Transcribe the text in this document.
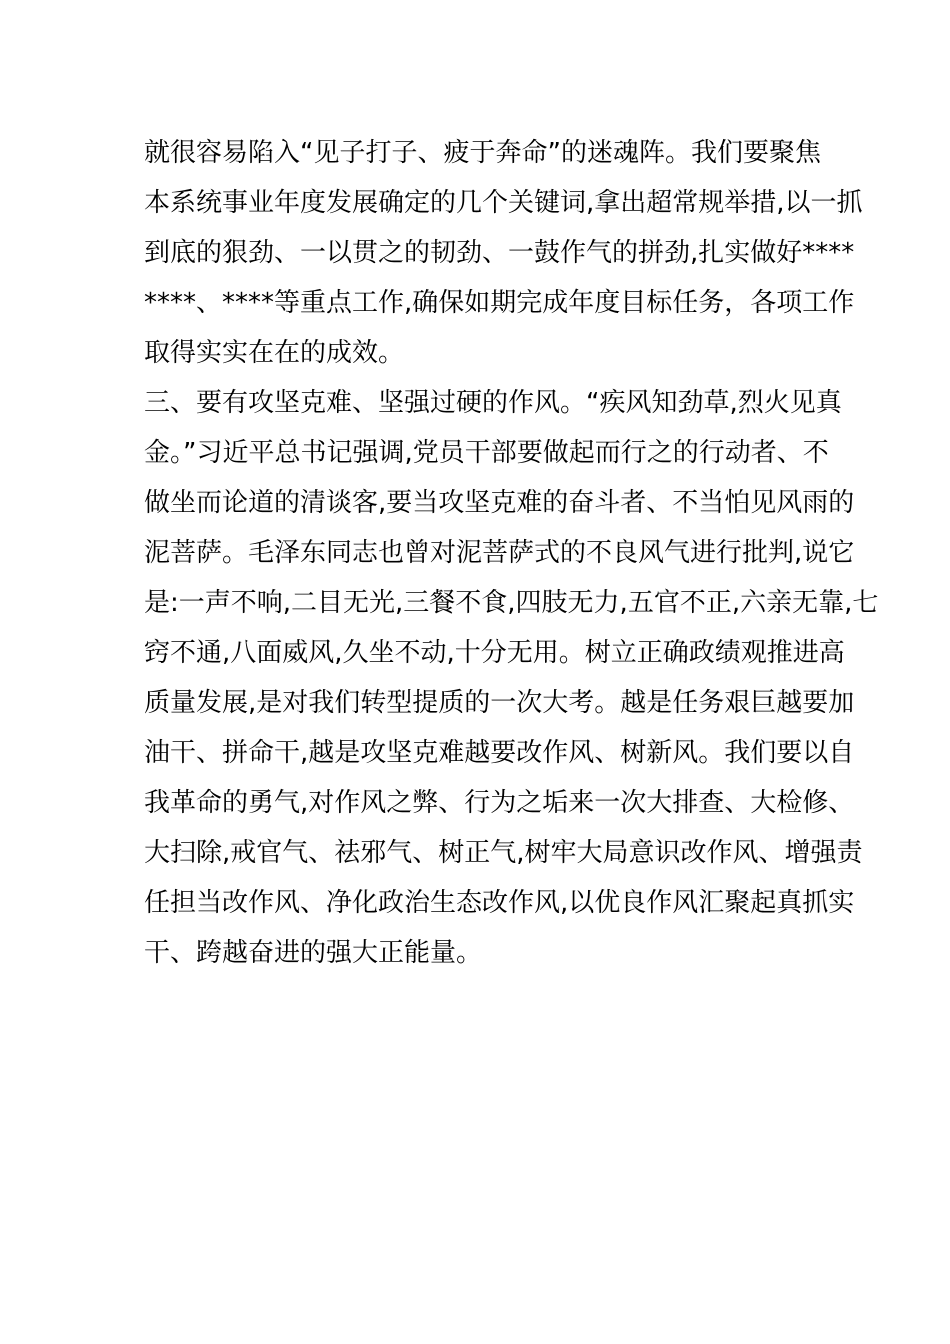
就很容易陷入“见子打子、疲于奔命”的迷魂阵。我们要聚焦
本系统事业年度发展确定的几个关键词,拿出超常规举措,以一抓
到底的狠劲、一以贯之的韧劲、一鼓作气的拼劲,扎实做好****
****、****等重点工作,确保如期完成年度目标任务，各项工作
取得实实在在的成效。
三、要有攻坚克难、坚强过硬的作风。“疾风知劲草,烈火见真
金。”习近平总书记强调,党员干部要做起而行之的行动者、不
做坐而论道的清谈客,要当攻坚克难的奋斗者、不当怕见风雨的
泥菩萨。毛泽东同志也曾对泥菩萨式的不良风气进行批判,说它
是:一声不响,二目无光,三餐不食,四肢无力,五官不正,六亲无靠,七
窍不通,八面威风,久坐不动,十分无用。树立正确政绩观推进高
质量发展,是对我们转型提质的一次大考。越是任务艰巨越要加
油干、拼命干,越是攻坚克难越要改作风、树新风。我们要以自
我革命的勇气,对作风之弊、行为之垢来一次大排查、大检修、
大扫除,戒官气、祛邪气、树正气,树牢大局意识改作风、增强责
任担当改作风、净化政治生态改作风,以优良作风汇聚起真抓实
干、跨越奋进的强大正能量。
